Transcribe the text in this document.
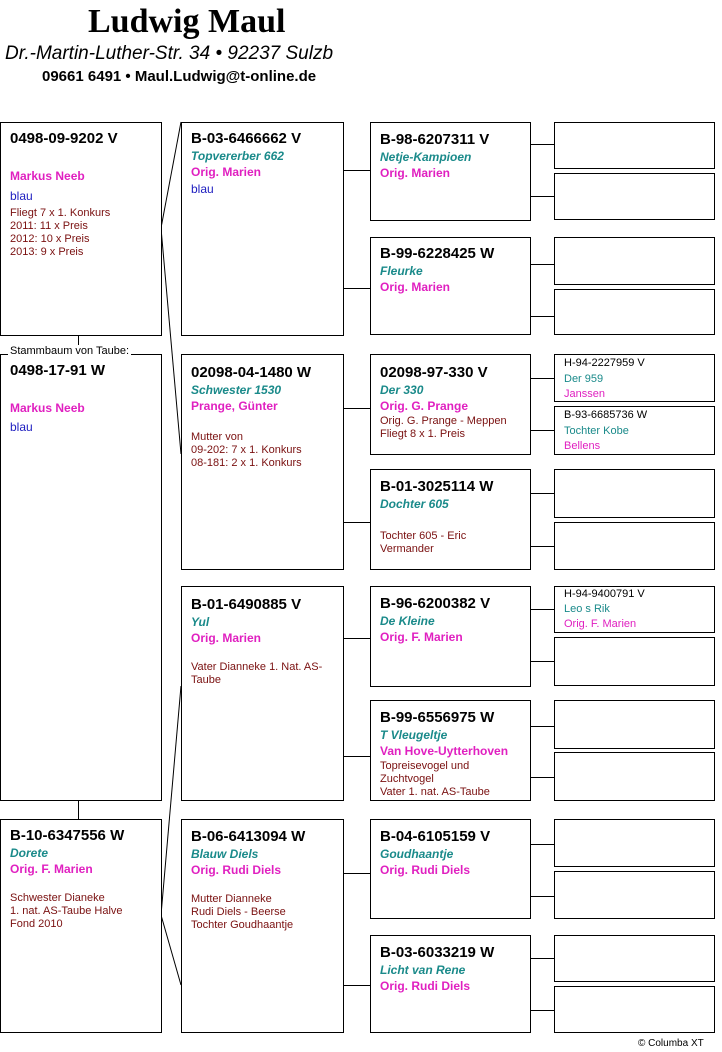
Ludwig Maul
Dr.-Martin-Luther-Str. 34 • 92237 Sulzb
09661 6491 • Maul.Ludwig@t-online.de
0498-09-9202 V
Markus Neeb
blau
Fliegt 7 x 1. Konkurs
2011: 11 x Preis
2012: 10 x Preis
2013: 9 x Preis
0498-17-91 W
Markus Neeb
blau
Stammbaum von Taube:
B-10-6347556 W
Dorete
Orig. F. Marien
Schwester Dianeke
1. nat. AS-Taube Halve
Fond 2010
B-03-6466662 V
Topvererber 662
Orig. Marien
blau
02098-04-1480 W
Schwester 1530
Prange, Günter
Mutter von
09-202: 7 x 1. Konkurs
08-181: 2 x 1. Konkurs
B-01-6490885 V
Yul
Orig. Marien
Vater Dianneke 1. Nat. AS-
Taube
B-06-6413094 W
Blauw Diels
Orig. Rudi Diels
Mutter Dianneke
Rudi Diels - Beerse
Tochter Goudhaantje
B-98-6207311 V
Netje-Kampioen
Orig. Marien
B-99-6228425 W
Fleurke
Orig. Marien
02098-97-330 V
Der 330
Orig. G. Prange
Orig. G. Prange - Meppen
Fliegt 8 x 1. Preis
B-01-3025114 W
Dochter 605
Tochter 605 - Eric
Vermander
B-96-6200382 V
De Kleine
Orig. F. Marien
B-99-6556975 W
T Vleugeltje
Van Hove-Uytterhoven
Topreisevogel und
Zuchtvogel
Vater 1. nat. AS-Taube
B-04-6105159 V
Goudhaantje
Orig. Rudi Diels
B-03-6033219 W
Licht van Rene
Orig. Rudi Diels
H-94-2227959 V
Der 959
Janssen
B-93-6685736 W
Tochter Kobe
Bellens
H-94-9400791 V
Leo s Rik
Orig. F. Marien
© Columba XT
